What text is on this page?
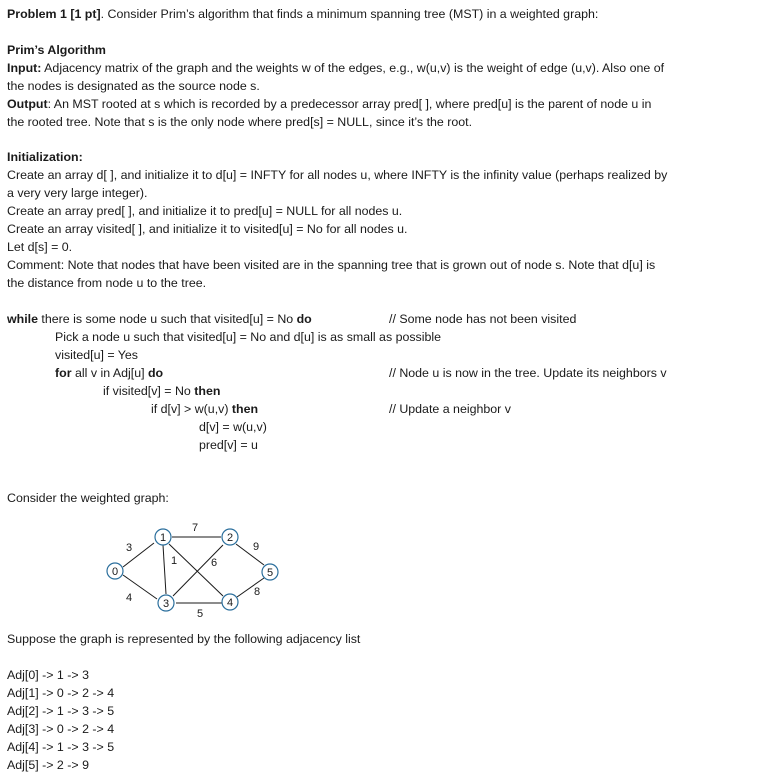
Problem 1 [1 pt]. Consider Prim’s algorithm that finds a minimum spanning tree (MST) in a weighted graph:
Prim’s Algorithm
Input: Adjacency matrix of the graph and the weights w of the edges, e.g., w(u,v) is the weight of edge (u,v). Also one of
the nodes is designated as the source node s.
Output: An MST rooted at s which is recorded by a predecessor array pred[ ], where pred[u] is the parent of node u in
the rooted tree. Note that s is the only node where pred[s] = NULL, since it’s the root.
Initialization:
Create an array d[ ], and initialize it to d[u] = INFTY for all nodes u, where INFTY is the infinity value (perhaps realized by
a very very large integer).
Create an array pred[ ], and initialize it to pred[u] = NULL for all nodes u.
Create an array visited[ ], and initialize it to visited[u] = No for all nodes u.
Let d[s] = 0.
Comment: Note that nodes that have been visited are in the spanning tree that is grown out of node s. Note that d[u] is
the distance from node u to the tree.
while there is some node u such that visited[u] = No do	// Some node has not been visited
Pick a node u such that visited[u] = No and d[u] is as small as possible
visited[u] = Yes
for all v in Adj[u] do	// Node u is now in the tree. Update its neighbors v
if visited[v] = No then
if d[v] > w(u,v) then	// Update a neighbor v
d[v] = w(u,v)
pred[v] = u
Consider the weighted graph:
0
1	2
3	4
5
3
4
1
7
6
5
9
8
Suppose the graph is represented by the following adjacency list
Adj[0] -> 1 -> 3
Adj[1] -> 0 -> 2 -> 4
Adj[2] -> 1 -> 3 -> 5
Adj[3] -> 0 -> 2 -> 4
Adj[4] -> 1 -> 3 -> 5
Adj[5] -> 2 -> 9
